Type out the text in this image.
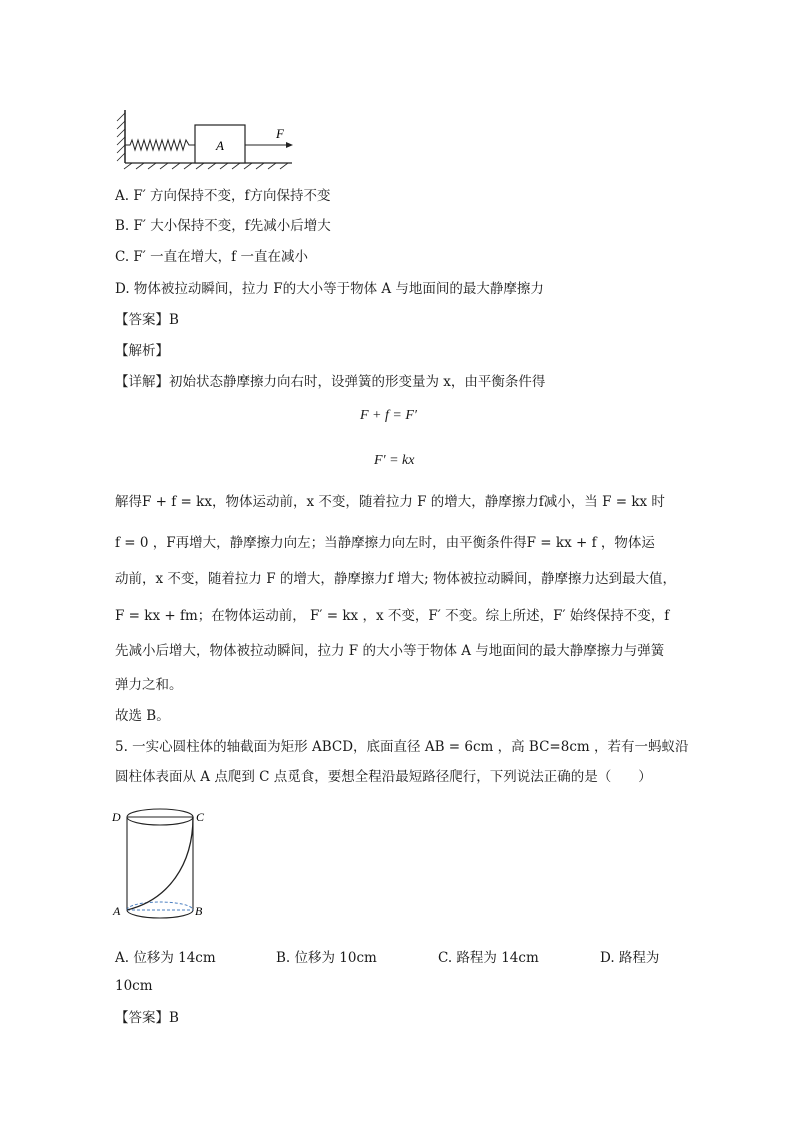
A
F
A. F′ 方向保持不变，f方向保持不变
B. F′ 大小保持不变，f先减小后增大
C. F′ 一直在增大，f 一直在减小
D. 物体被拉动瞬间，拉力 F的大小等于物体 A 与地面间的最大静摩擦力
【答案】B
【解析】
【详解】初始状态静摩擦力向右时，设弹簧的形变量为 x，由平衡条件得
F + f = F′
F′ = kx
解得F + f = kx，物体运动前，x 不变，随着拉力 F 的增大，静摩擦力f减小，当 F = kx 时
f = 0 ，F再增大，静摩擦力向左；当静摩擦力向左时，由平衡条件得F = kx + f ，物体运
动前，x 不变，随着拉力 F 的增大，静摩擦力f 增大; 物体被拉动瞬间，静摩擦力达到最大值，
F = kx + fm；在物体运动前， F′ = kx ，x 不变，F′ 不变。综上所述，F′ 始终保持不变，f
先减小后增大，物体被拉动瞬间，拉力 F 的大小等于物体 A 与地面间的最大静摩擦力与弹簧
弹力之和。
故选 B。
5. 一实心圆柱体的轴截面为矩形 ABCD，底面直径 AB = 6cm ，高 BC=8cm ，若有一蚂蚁沿
圆柱体表面从 A 点爬到 C 点觅食，要想全程沿最短路径爬行，下列说法正确的是（　　）
D	C
A	B
A. 位移为 14cm	B. 位移为 10cm	C. 路程为 14cm	D. 路程为
10cm
【答案】B
